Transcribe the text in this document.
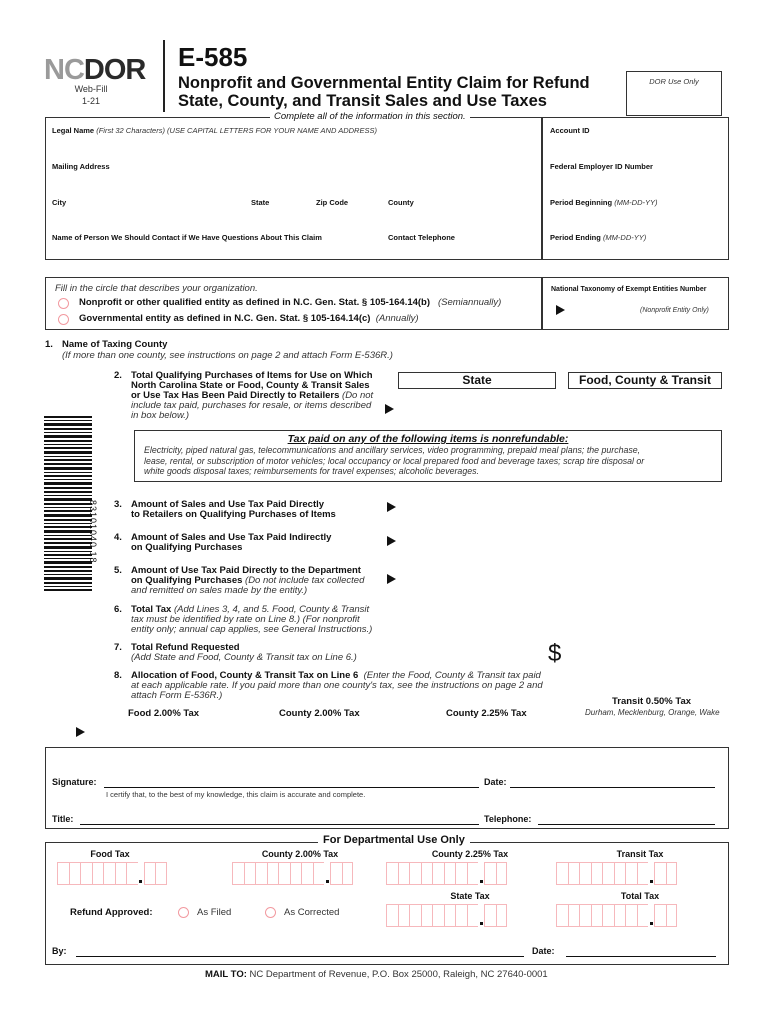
NCDOR
Web-Fill
1-21
E-585
Nonprofit and Governmental Entity Claim for Refund
State, County, and Transit Sales and Use Taxes
DOR Use Only
Complete all of the information in this section.
Legal Name (First 32 Characters) (USE CAPITAL LETTERS FOR YOUR NAME AND ADDRESS)
Mailing Address
City	State	Zip Code	County
Name of Person We Should Contact if We Have Questions About This Claim	Contact Telephone
Account ID
Federal Employer ID Number
Period Beginning (MM-DD-YY)
Period Ending (MM-DD-YY)
Fill in the circle that describes your organization.
Nonprofit or other qualified entity as defined in N.C. Gen. Stat. § 105-164.14(b) (Semiannually)
Governmental entity as defined in N.C. Gen. Stat. § 105-164.14(c) (Annually)
National Taxonomy of Exempt Entities Number
(Nonprofit Entity Only)
1. Name of Taxing County
(If more than one county, see instructions on page 2 and attach Form E-536R.)
2. Total Qualifying Purchases of Items for Use on Which
North Carolina State or Food, County & Transit Sales
or Use Tax Has Been Paid Directly to Retailers (Do not
include tax paid, purchases for resale, or items described
in box below.)
State	Food, County & Transit
Tax paid on any of the following items is nonrefundable:
Electricity, piped natural gas, telecommunications and ancillary services, video programming, prepaid meal plans; the purchase,
lease, rental, or subscription of motor vehicles; local occupancy or local prepared food and beverage taxes; scrap tire disposal or
white goods disposal taxes; reimbursements for travel expenses; alcoholic beverages.
83101040 18 3. Amount of Sales and Use Tax Paid Directly
to Retailers on Qualifying Purchases of Items
4. Amount of Sales and Use Tax Paid Indirectly
on Qualifying Purchases
5. Amount of Use Tax Paid Directly to the Department
on Qualifying Purchases (Do not include tax collected
and remitted on sales made by the entity.)
6. Total Tax (Add Lines 3, 4, and 5. Food, County & Transit
tax must be identified by rate on Line 8.) (For nonprofit
entity only; annual cap applies, see General Instructions.)
7. Total Refund Requested
(Add State and Food, County & Transit tax on Line 6.)	$
8. Allocation of Food, County & Transit Tax on Line 6 (Enter the Food, County & Transit tax paid
at each applicable rate. If you paid more than one county's tax, see the instructions on page 2 and
attach Form E-536R.)
Food 2.00% Tax	County 2.00% Tax	County 2.25% Tax
Transit 0.50% Tax
Durham, Mecklenburg, Orange, Wake
Signature:	Date:
I certify that, to the best of my knowledge, this claim is accurate and complete.
Title:	Telephone:
For Departmental Use Only
Food Tax	County 2.00% Tax	County 2.25% Tax	Transit Tax
Refund Approved:	As Filed	As Corrected
State Tax	Total Tax
By:	Date:
MAIL TO: NC Department of Revenue, P.O. Box 25000, Raleigh, NC 27640-0001
